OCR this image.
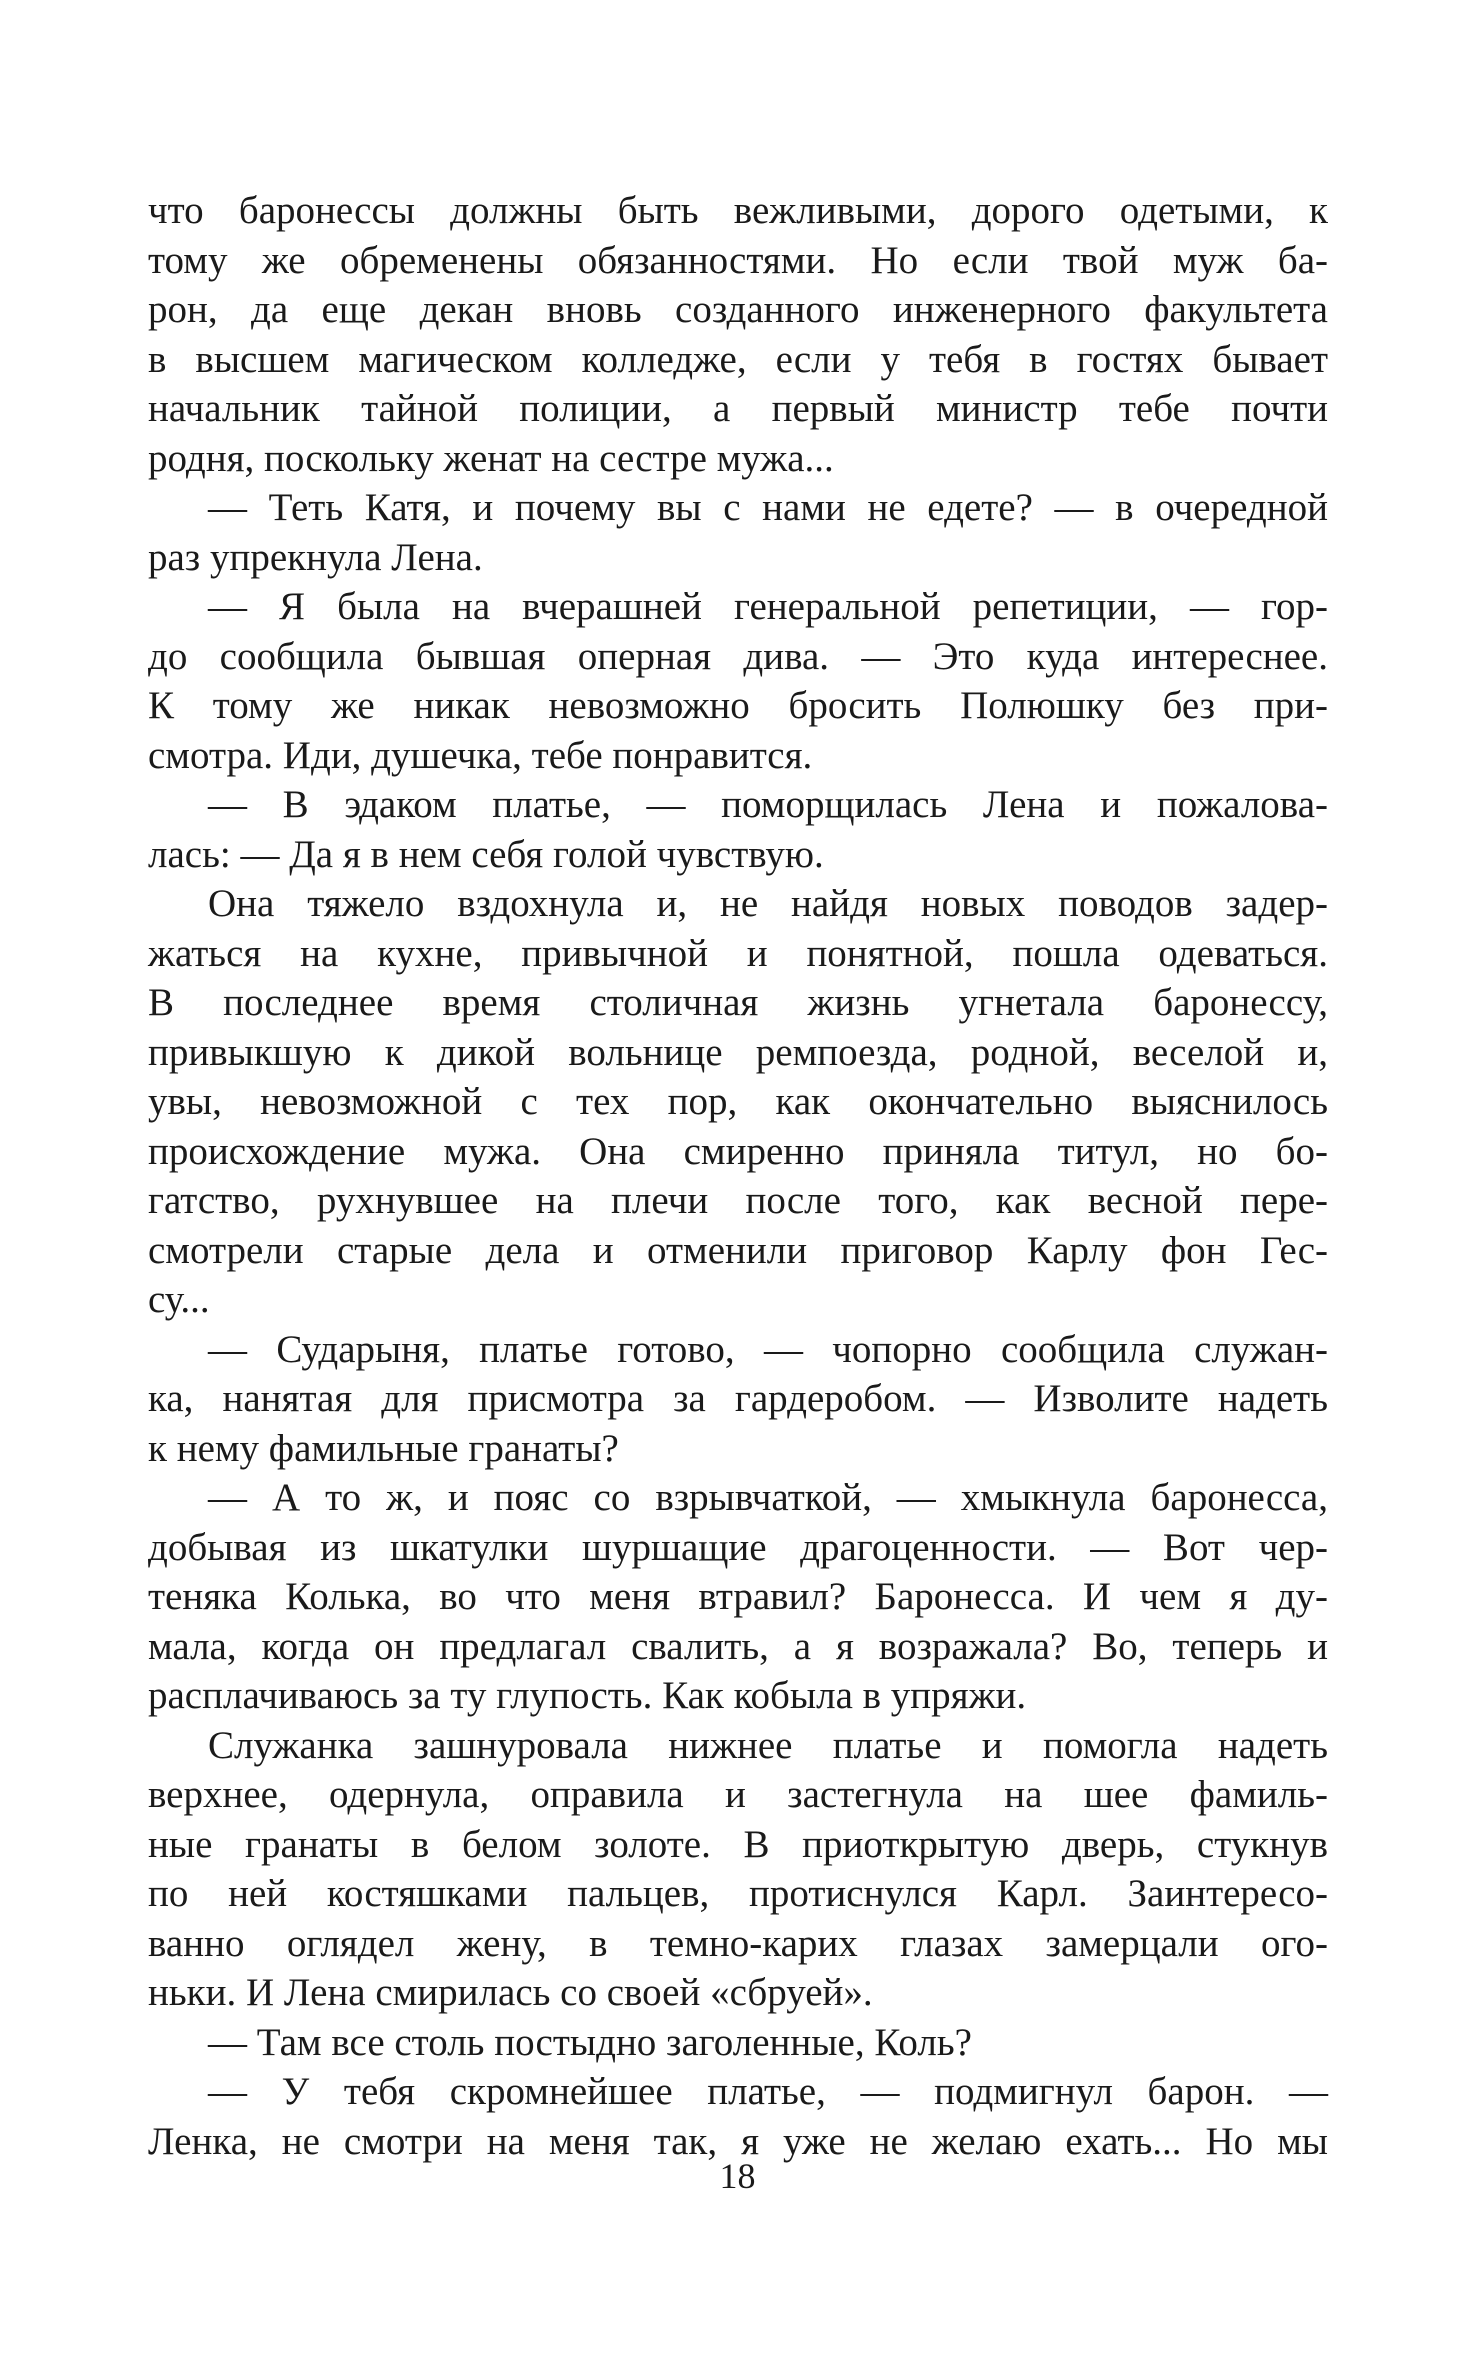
что баронессы должны быть вежливыми, дорого одетыми, к
тому же обременены обязанностями. Но если твой муж ба-
рон, да еще декан вновь созданного инженерного факультета
в высшем магическом колледже, если у тебя в гостях бывает
начальник тайной полиции, а первый министр тебе почти
родня, поскольку женат на сестре мужа...
— Теть Катя, и почему вы с нами не едете? — в очередной
раз упрекнула Лена.
— Я была на вчерашней генеральной репетиции, — гор-
до сообщила бывшая оперная дива. — Это куда интереснее.
К тому же никак невозможно бросить Полюшку без при-
смотра. Иди, душечка, тебе понравится.
— В эдаком платье, — поморщилась Лена и пожалова-
лась: — Да я в нем себя голой чувствую.
Она тяжело вздохнула и, не найдя новых поводов задер-
жаться на кухне, привычной и понятной, пошла одеваться.
В последнее время столичная жизнь угнетала баронессу,
привыкшую к дикой вольнице ремпоезда, родной, веселой и,
увы, невозможной с тех пор, как окончательно выяснилось
происхождение мужа. Она смиренно приняла титул, но бо-
гатство, рухнувшее на плечи после того, как весной пере-
смотрели старые дела и отменили приговор Карлу фон Гес-
су...
— Сударыня, платье готово, — чопорно сообщила служан-
ка, нанятая для присмотра за гардеробом. — Изволите надеть
к нему фамильные гранаты?
— А то ж, и пояс со взрывчаткой, — хмыкнула баронесса,
добывая из шкатулки шуршащие драгоценности. — Вот чер-
теняка Колька, во что меня втравил? Баронесса. И чем я ду-
мала, когда он предлагал свалить, а я возражала? Во, теперь и
расплачиваюсь за ту глупость. Как кобыла в упряжи.
Служанка зашнуровала нижнее платье и помогла надеть
верхнее, одернула, оправила и застегнула на шее фамиль-
ные гранаты в белом золоте. В приоткрытую дверь, стукнув
по ней костяшками пальцев, протиснулся Карл. Заинтересо-
ванно оглядел жену, в темно-карих глазах замерцали ого-
ньки. И Лена смирилась со своей «сбруей».
— Там все столь постыдно заголенные, Коль?
— У тебя скромнейшее платье, — подмигнул барон. —
Ленка, не смотри на меня так, я уже не желаю ехать... Но мы
18
